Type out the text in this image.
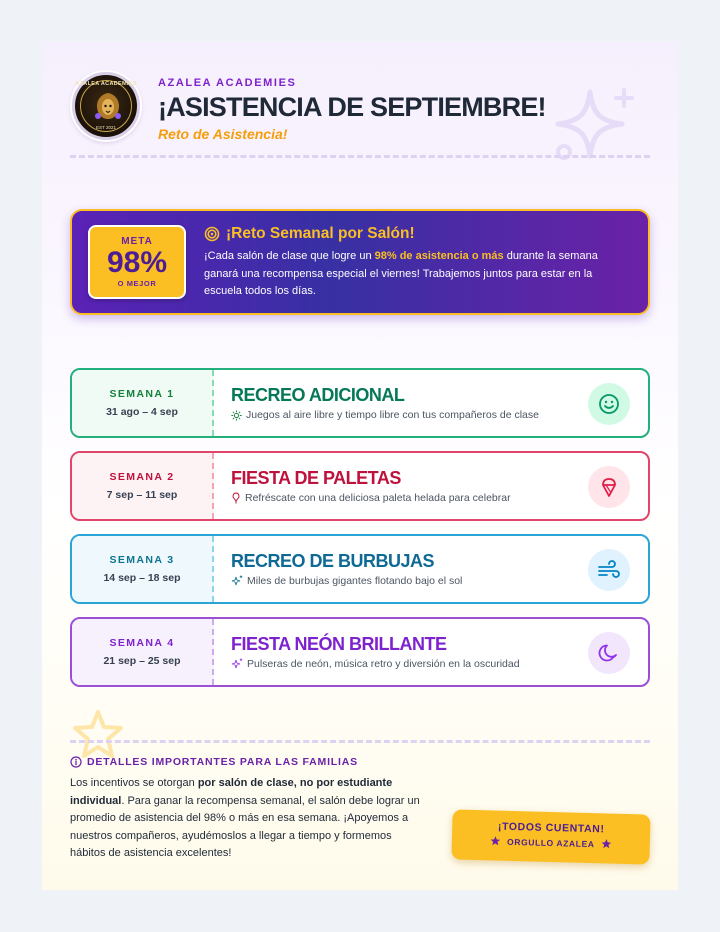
AZALEA ACADEMIES
EST 2021
AZALEA ACADEMIES
¡ASISTENCIA DE SEPTIEMBRE!
Reto de Asistencia!
META
98%
O MEJOR
¡Reto Semanal por Salón!
¡Cada salón de clase que logre un 98% de asistencia o más durante la semana ganará una recompensa especial el viernes! Trabajemos juntos para estar en la escuela todos los días.
SEMANA 1
31 ago – 4 sep
RECREO ADICIONAL
Juegos al aire libre y tiempo libre con tus compañeros de clase
SEMANA 2
7 sep – 11 sep
FIESTA DE PALETAS
Refréscate con una deliciosa paleta helada para celebrar
SEMANA 3
14 sep – 18 sep
RECREO DE BURBUJAS
Miles de burbujas gigantes flotando bajo el sol
SEMANA 4
21 sep – 25 sep
FIESTA NEÓN BRILLANTE
Pulseras de neón, música retro y diversión en la oscuridad
DETALLES IMPORTANTES PARA LAS FAMILIAS
Los incentivos se otorgan por salón de clase, no por estudiante individual. Para ganar la recompensa semanal, el salón debe lograr un promedio de asistencia del 98% o más en esa semana. ¡Apoyemos a nuestros compañeros, ayudémoslos a llegar a tiempo y formemos hábitos de asistencia excelentes!
¡TODOS CUENTAN!
ORGULLO AZALEA
